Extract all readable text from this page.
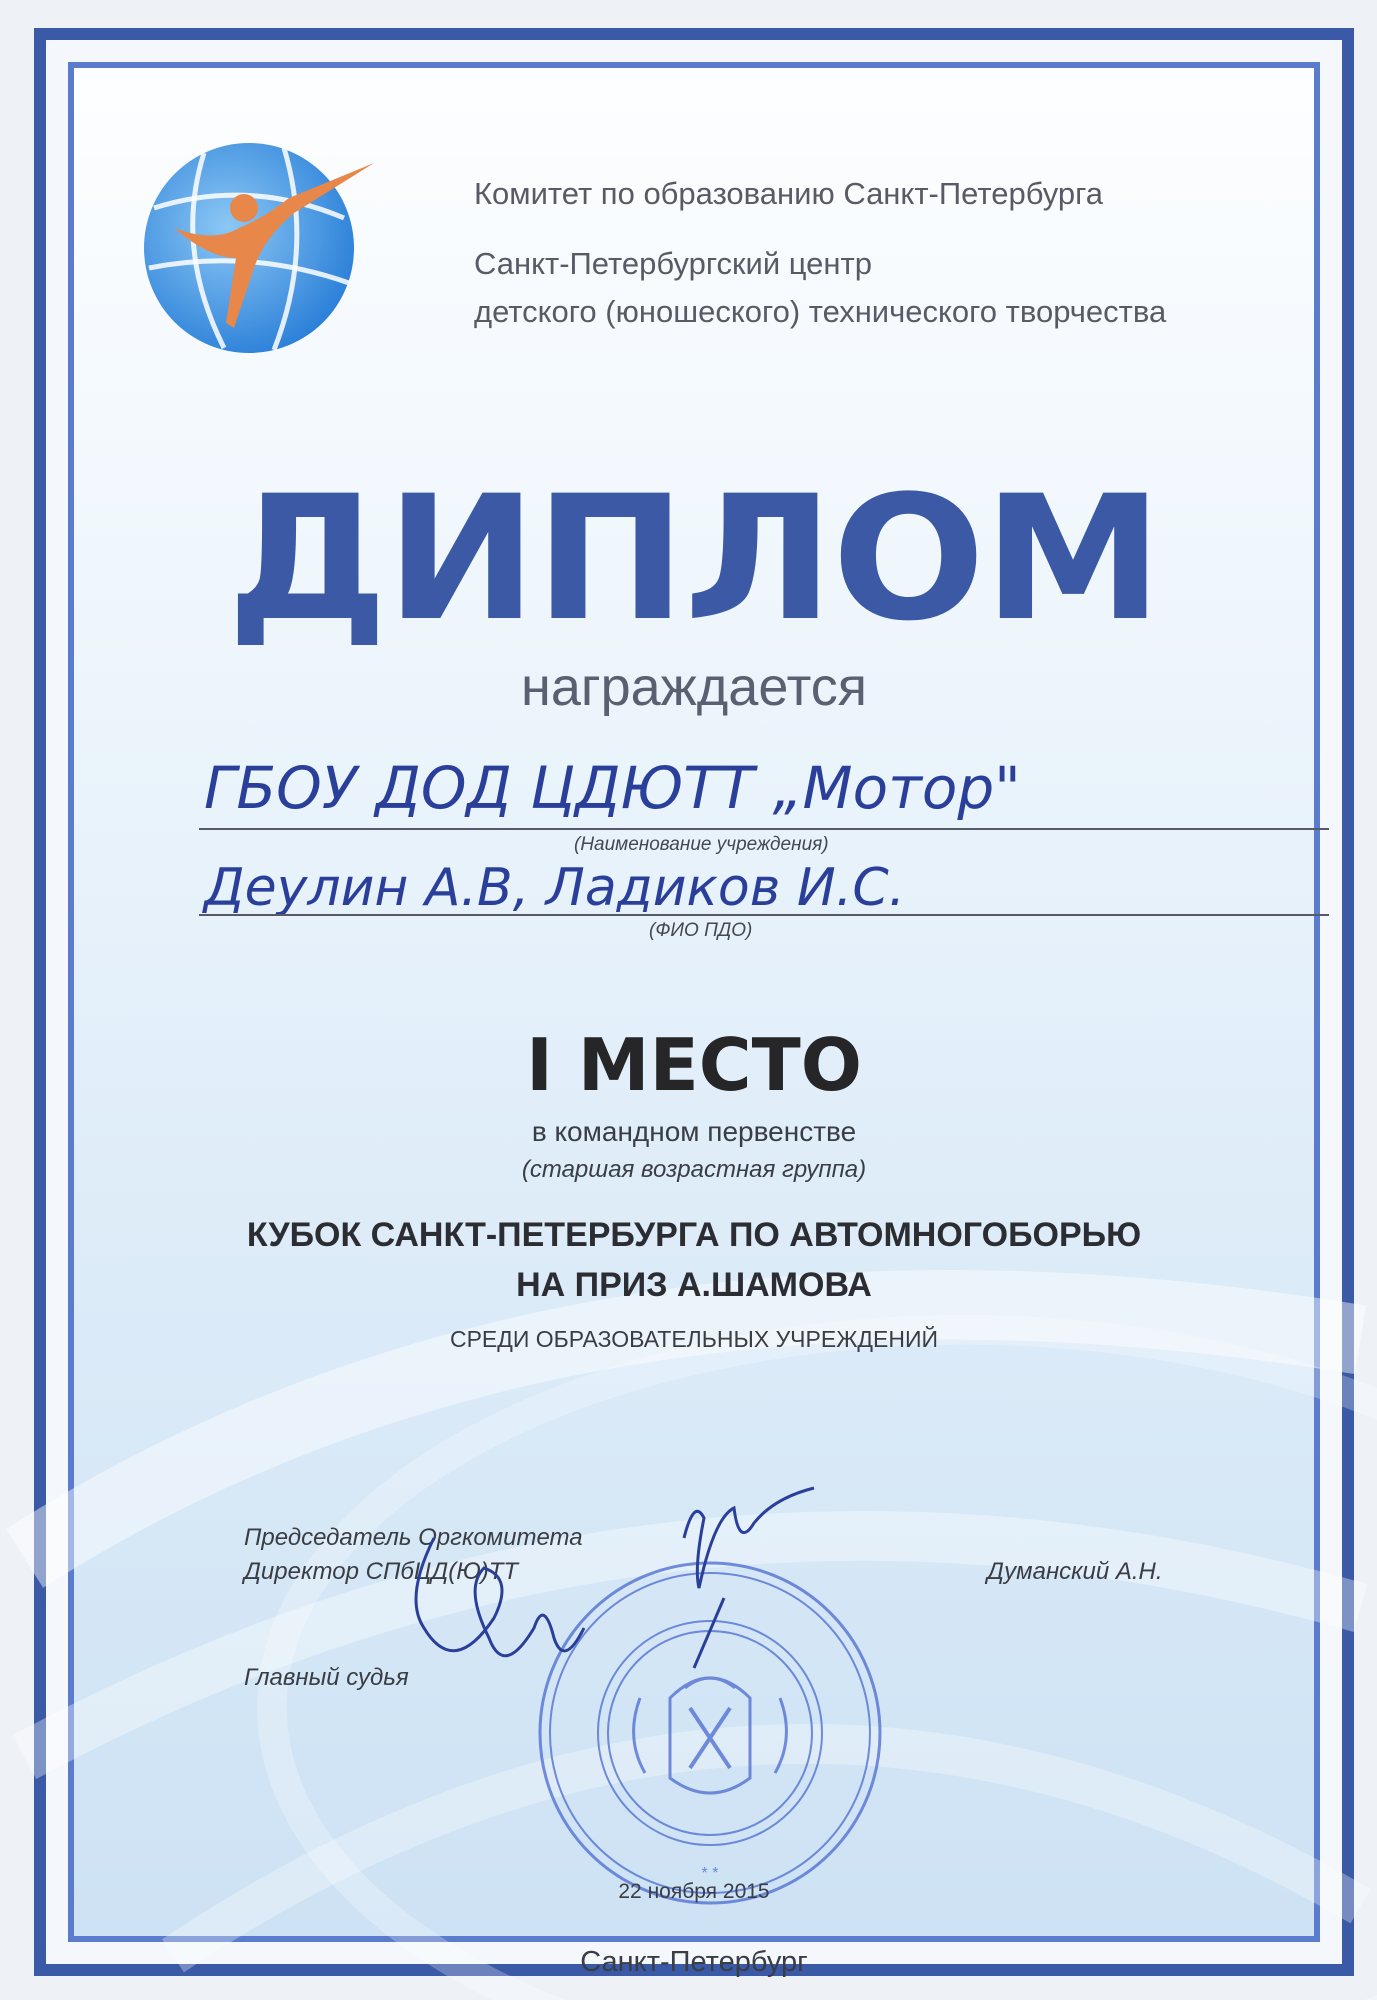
Комитет по образованию Санкт-Петербурга
Санкт-Петербургский центр
детского (юношеского) технического творчества
ДИПЛОМ
награждается
ГБОУ ДОД ЦДЮТТ „Мотор"
(Наименование учреждения)
Деулин А.В, Ладиков И.С.
(ФИО ПДО)
I МЕСТО
в командном первенстве
(старшая возрастная группа)
КУБОК САНКТ-ПЕТЕРБУРГА ПО АВТОМНОГОБОРЬЮ
НА ПРИЗ А.ШАМОВА
СРЕДИ ОБРАЗОВАТЕЛЬНЫХ УЧРЕЖДЕНИЙ
Председатель Оргкомитета
Директор СПбЦД(Ю)ТТ	Думанский А.Н.
Главный судья
* *
22 ноября 2015
Санкт-Петербург
